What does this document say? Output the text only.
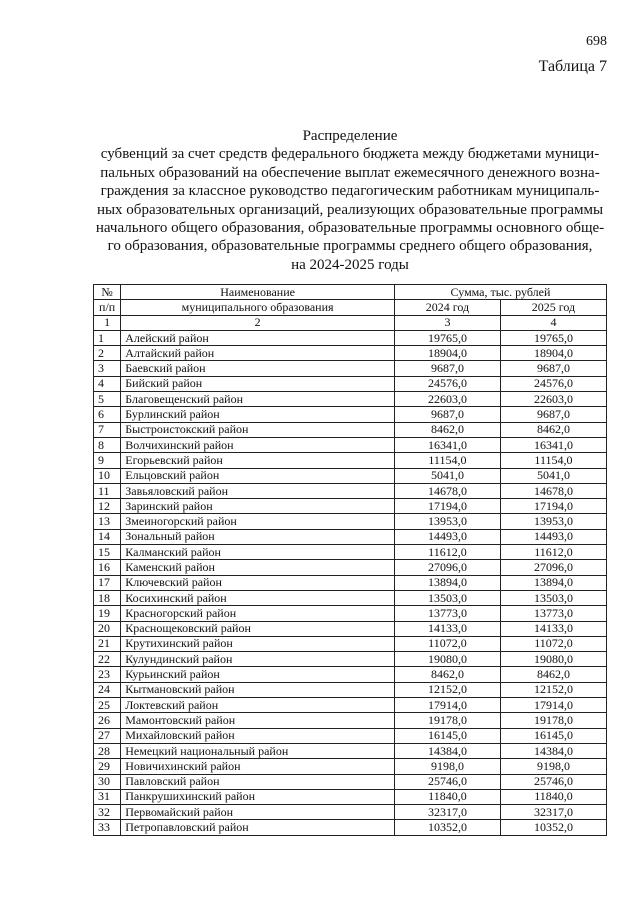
698
Таблица 7
Распределение
субвенций за счет средств федерального бюджета между бюджетами муници-
пальных образований на обеспечение выплат ежемесячного денежного возна-
граждения за классное руководство педагогическим работникам муниципаль-
ных образовательных организаций, реализующих образовательные программы
начального общего образования, образовательные программы основного обще-
го образования, образовательные программы среднего общего образования,
на 2024-2025 годы
№	Наименование	Сумма, тыс. рублей	
п/п	муниципального образования	2024 год	2025 год
1	2	3	4
1	Алейский район	19765,0	19765,0
2	Алтайский район	18904,0	18904,0
3	Баевский район	9687,0	9687,0
4	Бийский район	24576,0	24576,0
5	Благовещенский район	22603,0	22603,0
6	Бурлинский район	9687,0	9687,0
7	Быстроистокский район	8462,0	8462,0
8	Волчихинский район	16341,0	16341,0
9	Егорьевский район	11154,0	11154,0
10	Ельцовский район	5041,0	5041,0
11	Завьяловский район	14678,0	14678,0
12	Заринский район	17194,0	17194,0
13	Змеиногорский район	13953,0	13953,0
14	Зональный район	14493,0	14493,0
15	Калманский район	11612,0	11612,0
16	Каменский район	27096,0	27096,0
17	Ключевский район	13894,0	13894,0
18	Косихинский район	13503,0	13503,0
19	Красногорский район	13773,0	13773,0
20	Краснощековский район	14133,0	14133,0
21	Крутихинский район	11072,0	11072,0
22	Кулундинский район	19080,0	19080,0
23	Курьинский район	8462,0	8462,0
24	Кытмановский район	12152,0	12152,0
25	Локтевский район	17914,0	17914,0
26	Мамонтовский район	19178,0	19178,0
27	Михайловский район	16145,0	16145,0
28	Немецкий национальный район	14384,0	14384,0
29	Новичихинский район	9198,0	9198,0
30	Павловский район	25746,0	25746,0
31	Панкрушихинский район	11840,0	11840,0
32	Первомайский район	32317,0	32317,0
33	Петропавловский район	10352,0	10352,0
